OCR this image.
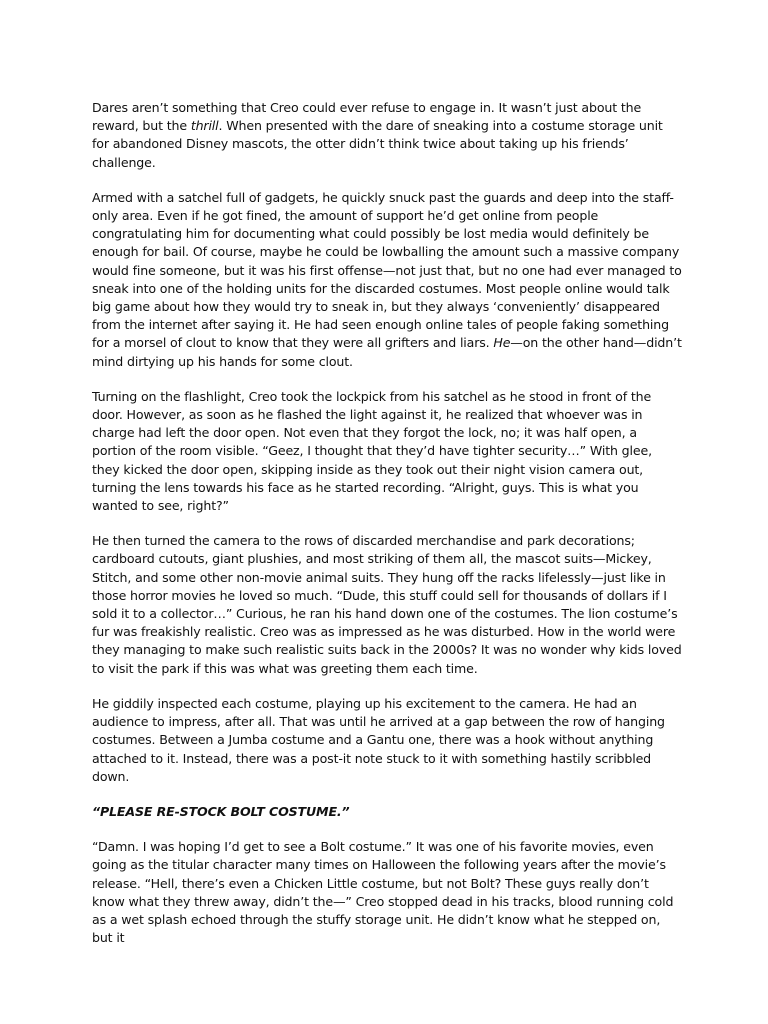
Dares aren’t something that Creo could ever refuse to engage in. It wasn’t just about the reward, but the thrill. When presented with the dare of sneaking into a costume storage unit for abandoned Disney mascots, the otter didn’t think twice about taking up his friends’ challenge.

Armed with a satchel full of gadgets, he quickly snuck past the guards and deep into the staff-only area. Even if he got fined, the amount of support he’d get online from people congratulating him for documenting what could possibly be lost media would definitely be enough for bail. Of course, maybe he could be lowballing the amount such a massive company would fine someone, but it was his first offense—not just that, but no one had ever managed to sneak into one of the holding units for the discarded costumes. Most people online would talk big game about how they would try to sneak in, but they always ‘conveniently’ disappeared from the internet after saying it. He had seen enough online tales of people faking something for a morsel of clout to know that they were all grifters and liars. He—on the other hand—didn’t mind dirtying up his hands for some clout.

Turning on the flashlight, Creo took the lockpick from his satchel as he stood in front of the door. However, as soon as he flashed the light against it, he realized that whoever was in charge had left the door open. Not even that they forgot the lock, no; it was half open, a portion of the room visible. “Geez, I thought that they’d have tighter security…” With glee, they kicked the door open, skipping inside as they took out their night vision camera out, turning the lens towards his face as he started recording. “Alright, guys. This is what you wanted to see, right?”

He then turned the camera to the rows of discarded merchandise and park decorations; cardboard cutouts, giant plushies, and most striking of them all, the mascot suits—Mickey, Stitch, and some other non-movie animal suits. They hung off the racks lifelessly—just like in those horror movies he loved so much. “Dude, this stuff could sell for thousands of dollars if I sold it to a collector…” Curious, he ran his hand down one of the costumes. The lion costume’s fur was freakishly realistic. Creo was as impressed as he was disturbed. How in the world were they managing to make such realistic suits back in the 2000s? It was no wonder why kids loved to visit the park if this was what was greeting them each time.

He giddily inspected each costume, playing up his excitement to the camera. He had an audience to impress, after all. That was until he arrived at a gap between the row of hanging costumes. Between a Jumba costume and a Gantu one, there was a hook without anything attached to it. Instead, there was a post-it note stuck to it with something hastily scribbled down.

“PLEASE RE-STOCK BOLT COSTUME.”

“Damn. I was hoping I’d get to see a Bolt costume.” It was one of his favorite movies, even going as the titular character many times on Halloween the following years after the movie’s release. “Hell, there’s even a Chicken Little costume, but not Bolt? These guys really don’t know what they threw away, didn’t the—” Creo stopped dead in his tracks, blood running cold as a wet splash echoed through the stuffy storage unit. He didn’t know what he stepped on, but it
